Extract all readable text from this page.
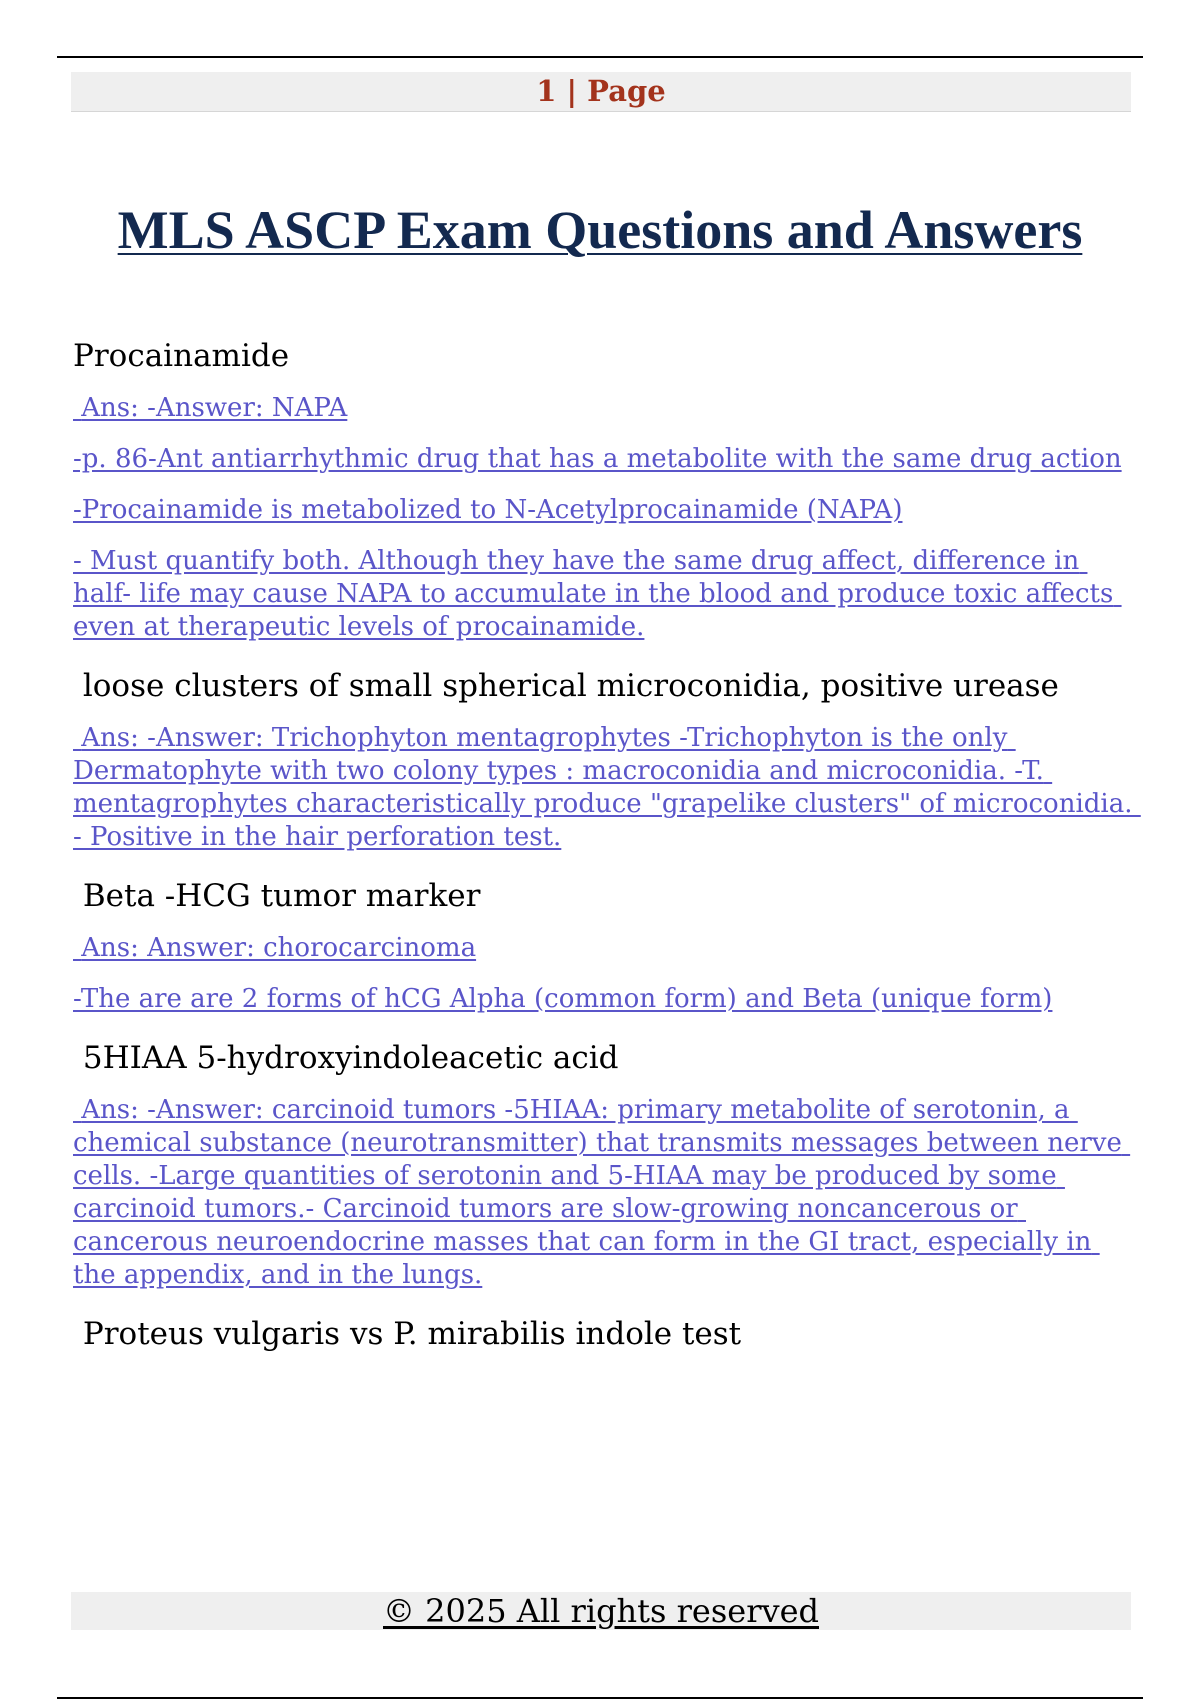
1 | Page
MLS ASCP Exam Questions and Answers

Procainamide

Ans: -Answer: NAPA

-p. 86-Ant antiarrhythmic drug that has a metabolite with the same drug action

-Procainamide is metabolized to N-Acetylprocainamide (NAPA)

- Must quantify both. Although they have the same drug affect, difference in half- life may cause NAPA to accumulate in the blood and produce toxic affects even at therapeutic levels of procainamide.

loose clusters of small spherical microconidia, positive urease

Ans: -Answer: Trichophyton mentagrophytes -Trichophyton is the only Dermatophyte with two colony types : macroconidia and microconidia. -T. mentagrophytes characteristically produce "grapelike clusters" of microconidia. - Positive in the hair perforation test.

Beta -HCG tumor marker

Ans: Answer: chorocarcinoma

-The are are 2 forms of hCG Alpha (common form) and Beta (unique form)

5HIAA 5-hydroxyindoleacetic acid

Ans: -Answer: carcinoid tumors -5HIAA: primary metabolite of serotonin, a chemical substance (neurotransmitter) that transmits messages between nerve cells. -Large quantities of serotonin and 5-HIAA may be produced by some carcinoid tumors.- Carcinoid tumors are slow-growing noncancerous or cancerous neuroendocrine masses that can form in the GI tract, especially in the appendix, and in the lungs.

Proteus vulgaris vs P. mirabilis indole test

© 2025 All rights reserved
